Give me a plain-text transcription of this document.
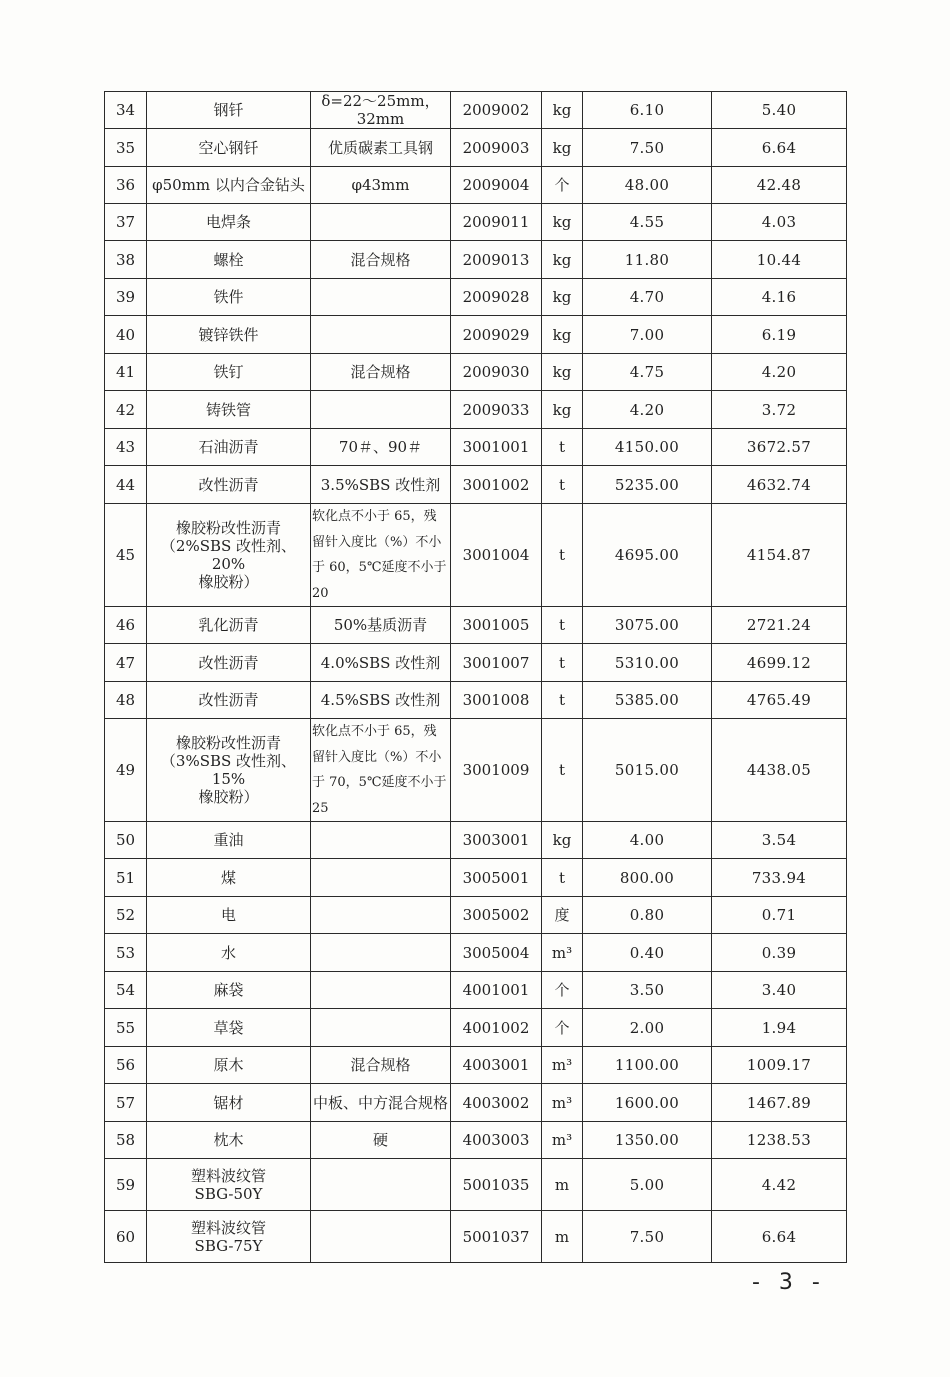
34	钢钎	δ=22～25mm，32mm	2009002	kg	6.10	5.40
35	空心钢钎	优质碳素工具钢	2009003	kg	7.50	6.64
36	φ50mm 以内合金钻头	φ43mm	2009004	个	48.00	42.48
37	电焊条		2009011	kg	4.55	4.03
38	螺栓	混合规格	2009013	kg	11.80	10.44
39	铁件		2009028	kg	4.70	4.16
40	镀锌铁件		2009029	kg	7.00	6.19
41	铁钉	混合规格	2009030	kg	4.75	4.20
42	铸铁管		2009033	kg	4.20	3.72
43	石油沥青	70＃、90＃	3001001	t	4150.00	3672.57
44	改性沥青	3.5%SBS 改性剂	3001002	t	5235.00	4632.74
45	橡胶粉改性沥青
（2%SBS 改性剂、20%
橡胶粉）	软化点不小于 65，残留针入度比（%）不小于 60，5℃延度不小于 20	3001004	t	4695.00	4154.87
46	乳化沥青	50%基质沥青	3001005	t	3075.00	2721.24
47	改性沥青	4.0%SBS 改性剂	3001007	t	5310.00	4699.12
48	改性沥青	4.5%SBS 改性剂	3001008	t	5385.00	4765.49
49	橡胶粉改性沥青
（3%SBS 改性剂、15%
橡胶粉）	软化点不小于 65，残留针入度比（%）不小于 70，5℃延度不小于 25	3001009	t	5015.00	4438.05
50	重油		3003001	kg	4.00	3.54
51	煤		3005001	t	800.00	733.94
52	电		3005002	度	0.80	0.71
53	水		3005004	m³	0.40	0.39
54	麻袋		4001001	个	3.50	3.40
55	草袋		4001002	个	2.00	1.94
56	原木	混合规格	4003001	m³	1100.00	1009.17
57	锯材	中板、中方混合规格	4003002	m³	1600.00	1467.89
58	枕木	硬	4003003	m³	1350.00	1238.53
59	塑料波纹管
SBG-50Y		5001035	m	5.00	4.42
60	塑料波纹管
SBG-75Y		5001037	m	7.50	6.64
- 3 -
